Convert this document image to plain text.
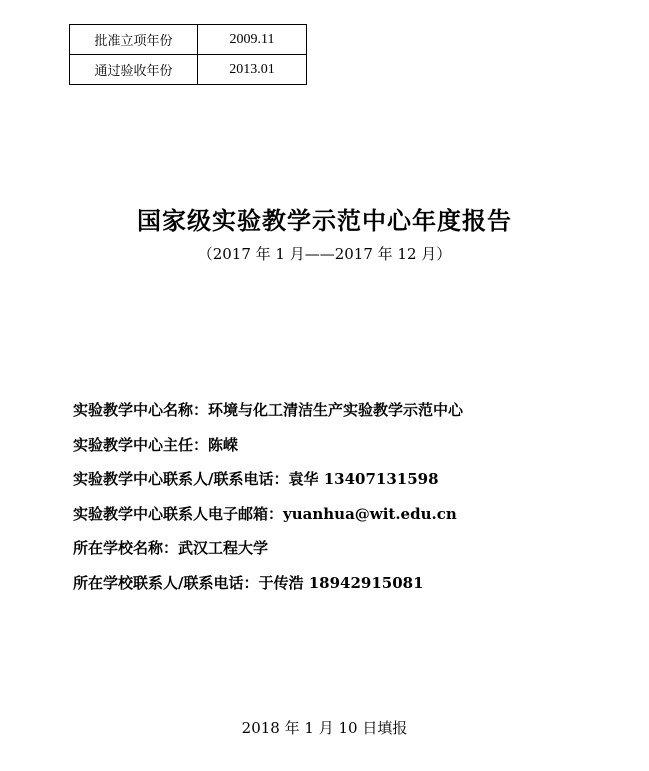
批准立项年份	2009.11
通过验收年份	2013.01
国家级实验教学示范中心年度报告
（2017 年 1 月——2017 年 12 月）
实验教学中心名称：环境与化工清洁生产实验教学示范中心
实验教学中心主任：陈嵘
实验教学中心联系人/联系电话：袁华 13407131598
实验教学中心联系人电子邮箱：yuanhua@wit.edu.cn
所在学校名称：武汉工程大学
所在学校联系人/联系电话：于传浩 18942915081
2018 年 1 月 10 日填报
